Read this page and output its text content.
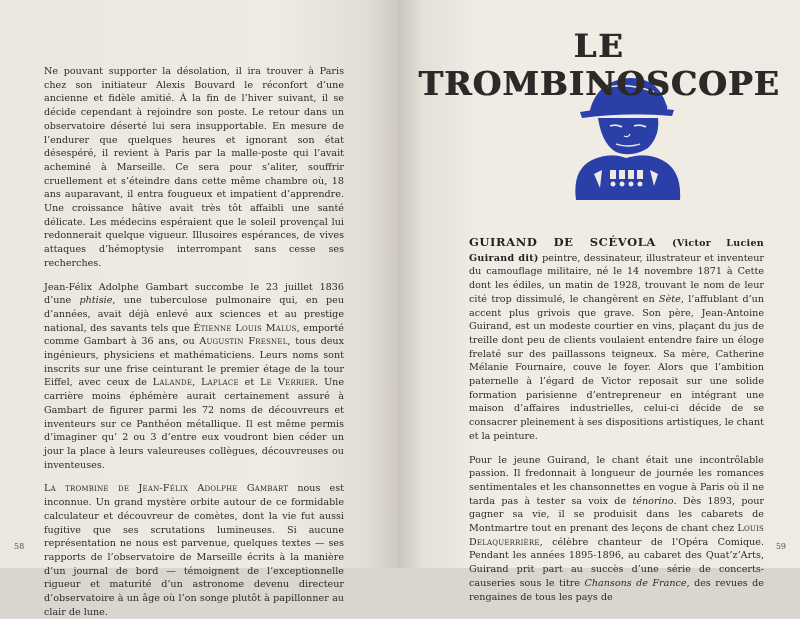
Ne pouvant supporter la désolation, il ira trouver à Paris chez son initiateur Alexis Bouvard le réconfort d’une ancienne et fidèle amitié. À la fin de l’hiver suivant, il se décide cependant à rejoindre son poste. Le retour dans un observatoire déserté lui sera insupportable. En mesure de l’endurer que quelques heures et ignorant son état désespéré, il revient à Paris par la malle-poste qui l’avait acheminé à Marseille. Ce sera pour s’aliter, souffrir cruellement et s’éteindre dans cette même chambre où, 18 ans auparavant, il entra fougueux et impatient d’apprendre. Une croissance hâtive avait très tôt affaibli une santé délicate. Les médecins espéraient que le soleil provençal lui redonnerait quelque vigueur. Illusoires espérances, de vives attaques d’hémoptysie interrompant sans cesse ses recherches.

Jean-Félix Adolphe Gambart succombe le 23 juillet 1836 d’une phtisie, une tuberculose pulmonaire qui, en peu d’années, avait déjà enlevé aux sciences et au prestige national, des savants tels que Étienne Louis Malus, emporté comme Gambart à 36 ans, ou Augustin Fresnel, tous deux ingénieurs, physiciens et mathématiciens. Leurs noms sont inscrits sur une frise ceinturant le premier étage de la tour Eiffel, avec ceux de Lalande, Laplace et Le Verrier. Une carrière moins éphémère aurait certainement assuré à Gambart de figurer parmi les 72 noms de découvreurs et inventeurs sur ce Panthéon métallique. Il est même permis d’imaginer qu’ 2 ou 3 d’entre eux voudront bien céder un jour la place à leurs valeureuses collègues, découvreuses ou inventeuses.

La trombine de Jean-Félix Adolphe Gambart nous est inconnue. Un grand mystère orbite autour de ce formidable calculateur et découvreur de comètes, dont la vie fut aussi fugitive que ses scrutations lumineuses. Si aucune représentation ne nous est parvenue, quelques textes — ses rapports de l’observatoire de Marseille écrits à la manière d’un journal de bord — témoignent de l’exceptionnelle rigueur et maturité d’un astronome devenu directeur d’observatoire à un âge où l’on songe plutôt à papillonner au clair de lune.

58
LE
TROMBINOSCOPE

GUIRAND DE SCÉVOLA (Victor Lucien Guirand dit) peintre, dessinateur, illustrateur et inventeur du camouflage militaire, né le 14 novembre 1871 à Cette dont les édiles, un matin de 1928, trouvant le nom de leur cité trop dissimulé, le changèrent en Sète, l’affublant d’un accent plus grivois que grave. Son père, Jean-Antoine Guirand, est un modeste courtier en vins, plaçant du jus de treille dont peu de clients voulaient entendre faire un éloge frelaté sur des paillassons teigneux. Sa mère, Catherine Mélanie Fournaire, couve le foyer. Alors que l’ambition paternelle à l’égard de Victor reposait sur une solide formation parisienne d’entrepreneur en intégrant une maison d’affaires industrielles, celui-ci décide de se consacrer pleinement à ses dispositions artistiques, le chant et la peinture.

Pour le jeune Guirand, le chant était une incontrôlable passion. Il fredonnait à longueur de journée les romances sentimentales et les chansonnettes en vogue à Paris où il ne tarda pas à tester sa voix de ténorino. Dès 1893, pour gagner sa vie, il se produisit dans les cabarets de Montmartre tout en prenant des leçons de chant chez Louis Delaquerrière, célèbre chanteur de l’Opéra Comique. Pendant les années 1895-1896, au cabaret des Quat’z’Arts, Guirand prit part au succès d’une série de concerts-causeries sous le titre Chansons de France, des revues de rengaines de tous les pays de

59
